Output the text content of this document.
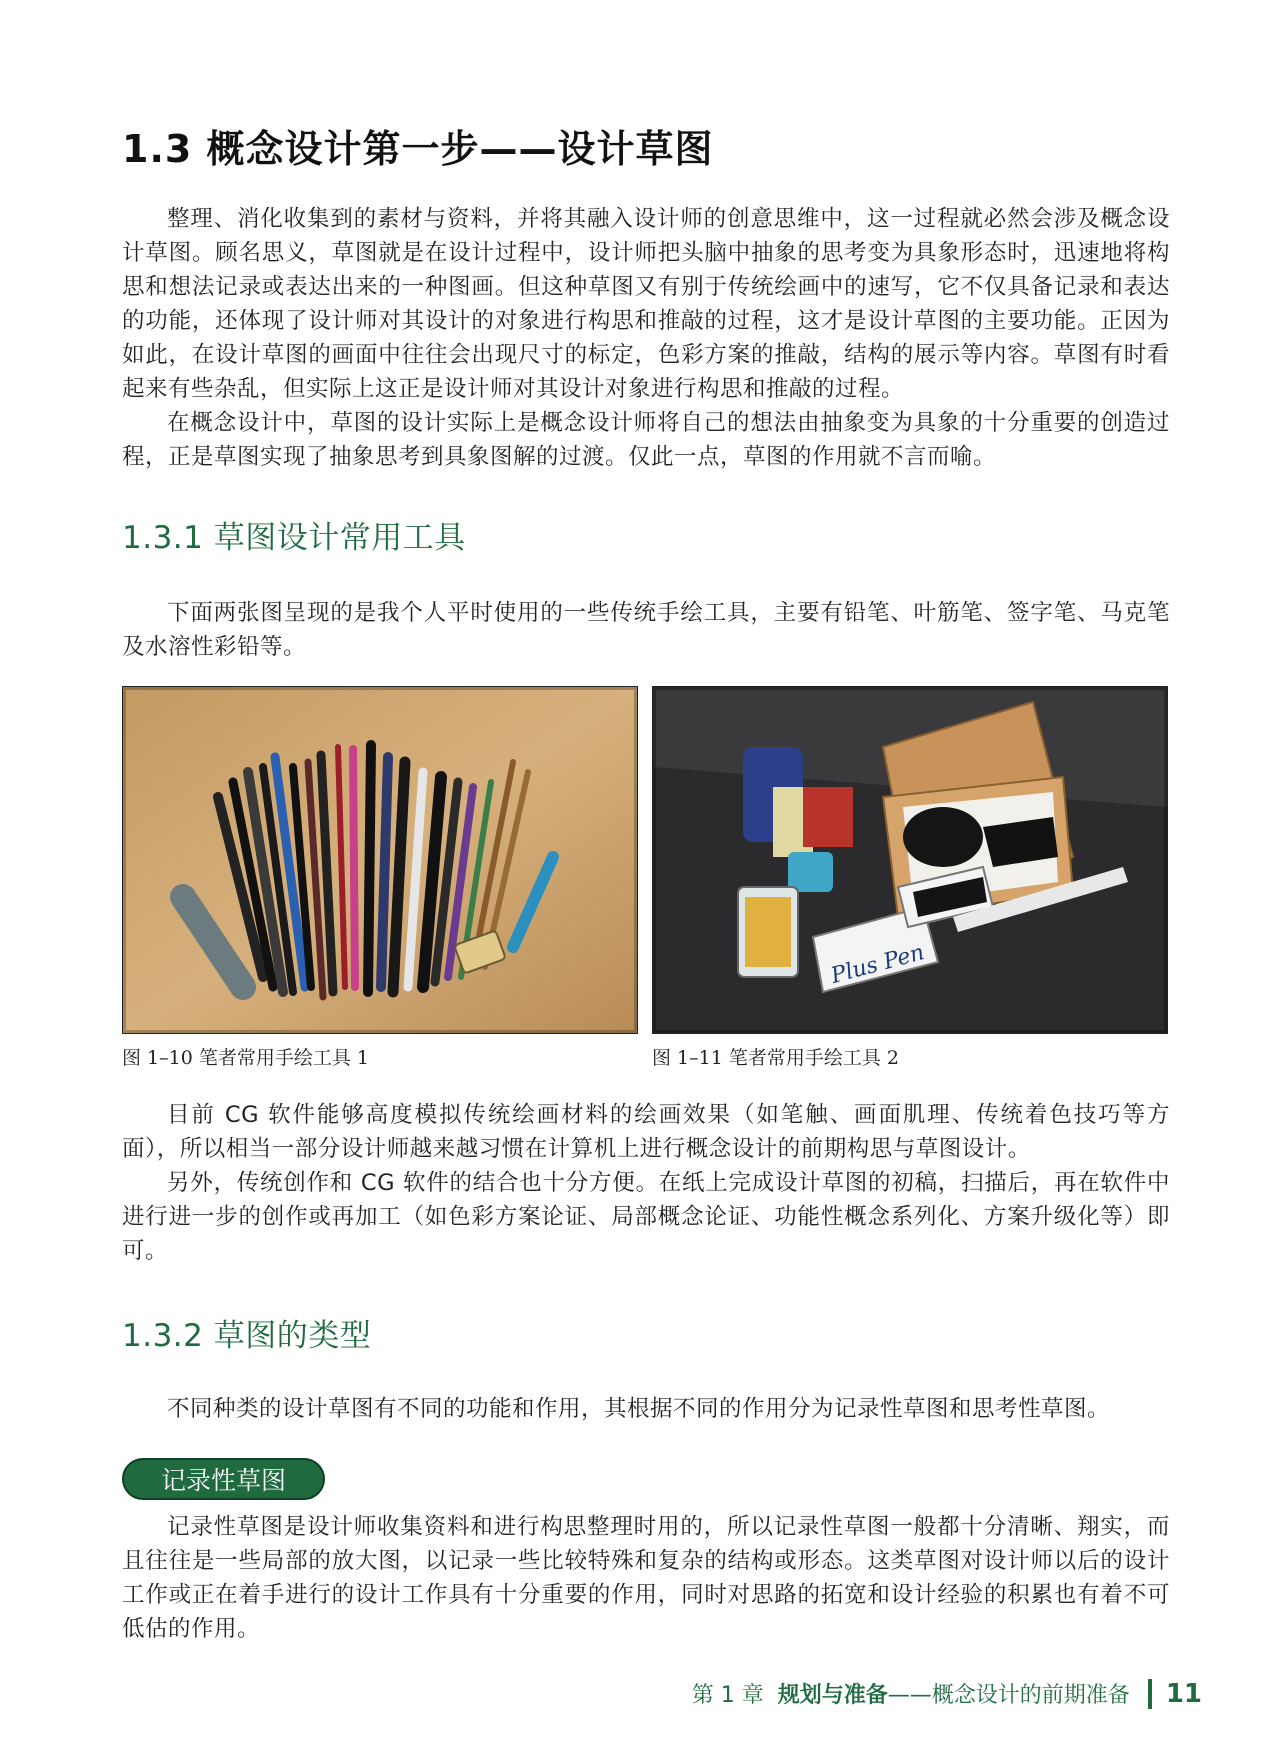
1.3 概念设计第一步——设计草图
整理、消化收集到的素材与资料，并将其融入设计师的创意思维中，这一过程就必然会涉及概念设计草图。顾名思义，草图就是在设计过程中，设计师把头脑中抽象的思考变为具象形态时，迅速地将构思和想法记录或表达出来的一种图画。但这种草图又有别于传统绘画中的速写，它不仅具备记录和表达的功能，还体现了设计师对其设计的对象进行构思和推敲的过程，这才是设计草图的主要功能。正因为如此，在设计草图的画面中往往会出现尺寸的标定，色彩方案的推敲，结构的展示等内容。草图有时看起来有些杂乱，但实际上这正是设计师对其设计对象进行构思和推敲的过程。
在概念设计中，草图的设计实际上是概念设计师将自己的想法由抽象变为具象的十分重要的创造过程，正是草图实现了抽象思考到具象图解的过渡。仅此一点，草图的作用就不言而喻。
1.3.1 草图设计常用工具
下面两张图呈现的是我个人平时使用的一些传统手绘工具，主要有铅笔、叶筋笔、签字笔、马克笔及水溶性彩铅等。
图 1–10 笔者常用手绘工具 1
Plus Pen
图 1–11 笔者常用手绘工具 2
目前 CG 软件能够高度模拟传统绘画材料的绘画效果（如笔触、画面肌理、传统着色技巧等方面），所以相当一部分设计师越来越习惯在计算机上进行概念设计的前期构思与草图设计。
另外，传统创作和 CG 软件的结合也十分方便。在纸上完成设计草图的初稿，扫描后，再在软件中进行进一步的创作或再加工（如色彩方案论证、局部概念论证、功能性概念系列化、方案升级化等）即可。
1.3.2 草图的类型
不同种类的设计草图有不同的功能和作用，其根据不同的作用分为记录性草图和思考性草图。
记录性草图
记录性草图是设计师收集资料和进行构思整理时用的，所以记录性草图一般都十分清晰、翔实，而且往往是一些局部的放大图，以记录一些比较特殊和复杂的结构或形态。这类草图对设计师以后的设计工作或正在着手进行的设计工作具有十分重要的作用，同时对思路的拓宽和设计经验的积累也有着不可低估的作用。
第 1 章 规划与准备 ——概念设计的前期准备 11
